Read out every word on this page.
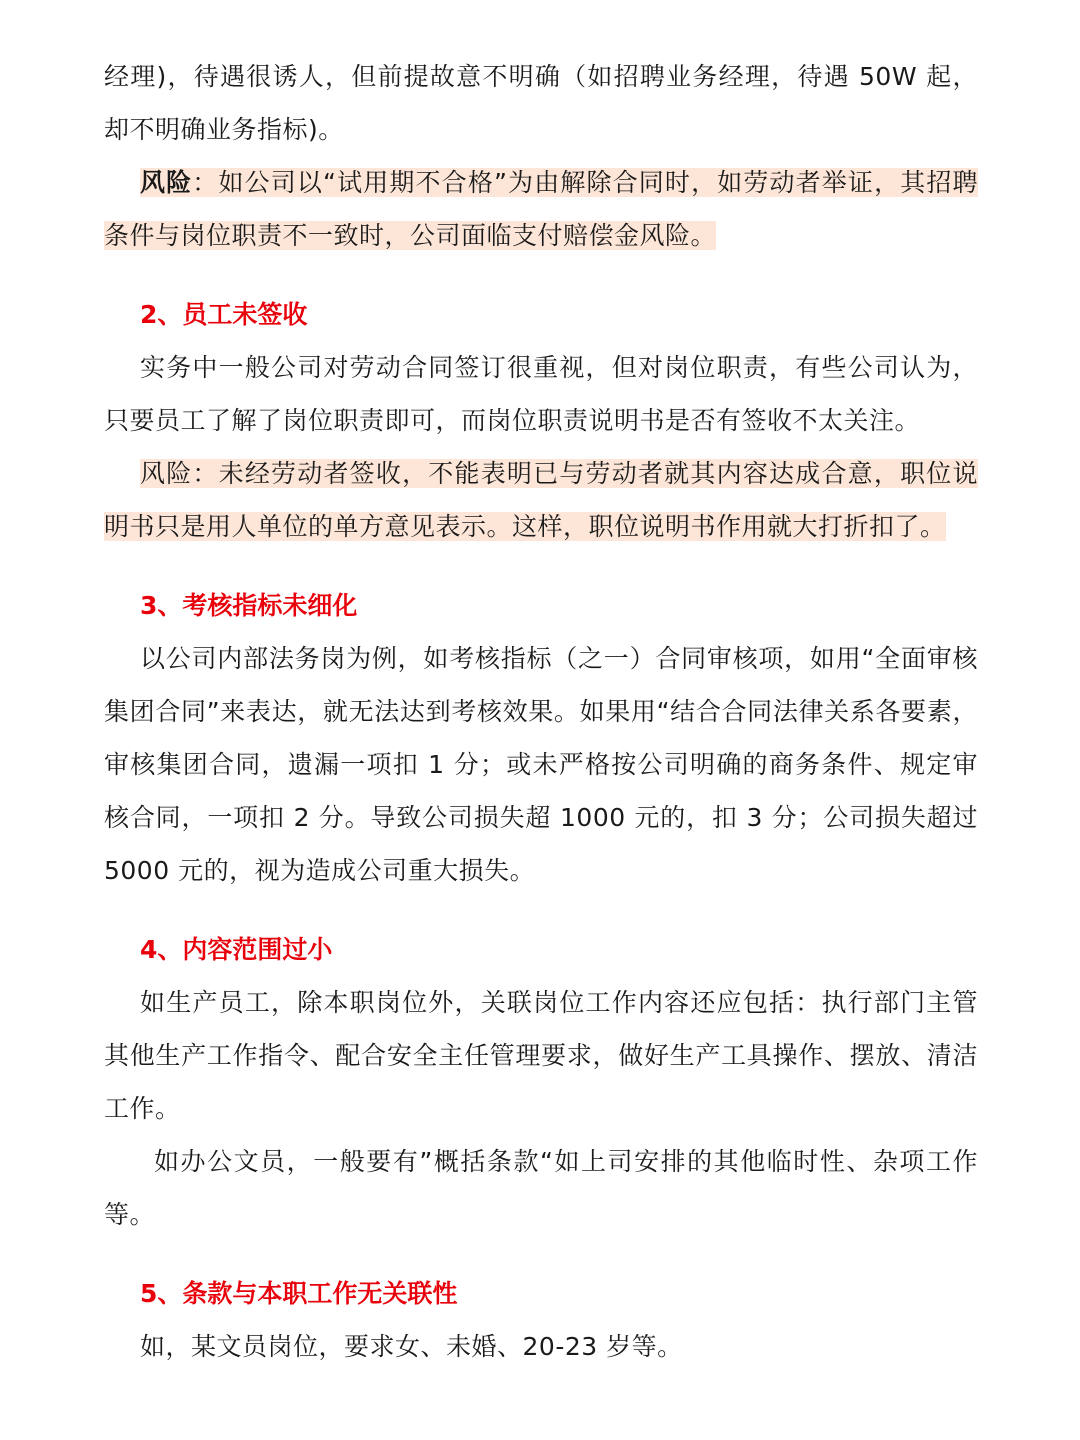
经理)，待遇很诱人，但前提故意不明确（如招聘业务经理，待遇 50W 起，却不明确业务指标)。

风险：如公司以“试用期不合格”为由解除合同时，如劳动者举证，其招聘条件与岗位职责不一致时，公司面临支付赔偿金风险。

2、员工未签收

实务中一般公司对劳动合同签订很重视，但对岗位职责，有些公司认为，只要员工了解了岗位职责即可，而岗位职责说明书是否有签收不太关注。

风险：未经劳动者签收，不能表明已与劳动者就其内容达成合意，职位说明书只是用人单位的单方意见表示。这样，职位说明书作用就大打折扣了。

3、考核指标未细化

以公司内部法务岗为例，如考核指标（之一）合同审核项，如用“全面审核集团合同”来表达，就无法达到考核效果。如果用“结合合同法律关系各要素，审核集团合同，遗漏一项扣 1 分；或未严格按公司明确的商务条件、规定审核合同，一项扣 2 分。导致公司损失超 1000 元的，扣 3 分；公司损失超过 5000 元的，视为造成公司重大损失。

4、内容范围过小

如生产员工，除本职岗位外，关联岗位工作内容还应包括：执行部门主管其他生产工作指令、配合安全主任管理要求，做好生产工具操作、摆放、清洁工作。

如办公文员，一般要有”概括条款“如上司安排的其他临时性、杂项工作等。

5、条款与本职工作无关联性

如，某文员岗位，要求女、未婚、20-23 岁等。
